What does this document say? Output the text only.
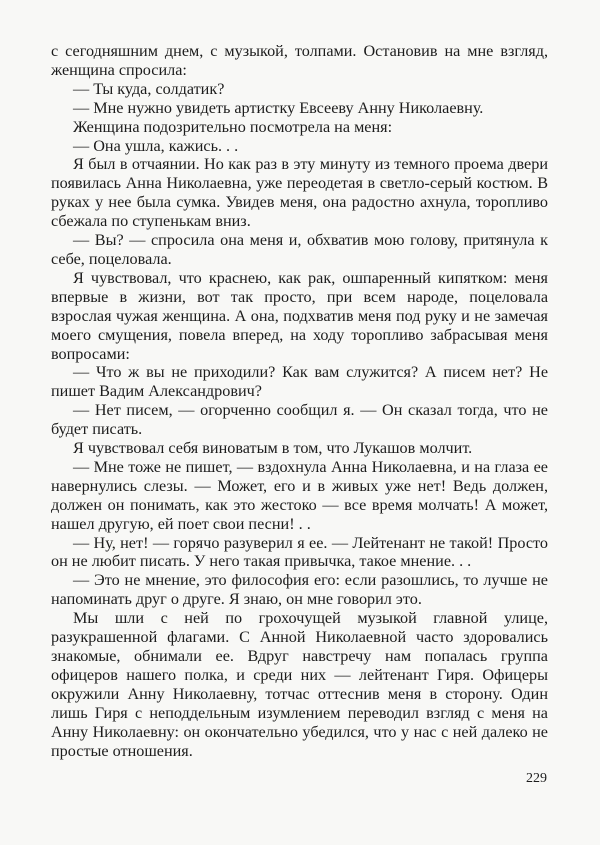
с сегодняшним днем, с музыкой, толпами. Остановив на мне взгляд, женщина спросила:

— Ты куда, солдатик?

— Мне нужно увидеть артистку Евсееву Анну Николаевну.

Женщина подозрительно посмотрела на меня:

— Она ушла, кажись. . .

Я был в отчаянии. Но как раз в эту минуту из темного проема двери появилась Анна Николаевна, уже переодетая в светло-серый костюм. В руках у нее была сумка. Увидев меня, она радостно ахнула, торопливо сбежала по ступенькам вниз.

— Вы? — спросила она меня и, обхватив мою голову, притянула к себе, поцеловала.

Я чувствовал, что краснею, как рак, ошпаренный кипятком: меня впервые в жизни, вот так просто, при всем народе, поцеловала взрослая чужая женщина. А она, подхватив меня под руку и не замечая моего смущения, повела вперед, на ходу торопливо забрасывая меня вопросами:

— Что ж вы не приходили? Как вам служится? А писем нет? Не пишет Вадим Александрович?

— Нет писем, — огорченно сообщил я. — Он сказал тогда, что не будет писать.

Я чувствовал себя виноватым в том, что Лукашов молчит.

— Мне тоже не пишет, — вздохнула Анна Николаевна, и на глаза ее навернулись слезы. — Может, его и в живых уже нет! Ведь должен, должен он понимать, как это жестоко — все время молчать! А может, нашел другую, ей поет свои песни! . .

— Ну, нет! — горячо разуверил я ее. — Лейтенант не такой! Просто он не любит писать. У него такая привычка, такое мнение. . .

— Это не мнение, это философия его: если разошлись, то лучше не напоминать друг о друге. Я знаю, он мне говорил это.

Мы шли с ней по грохочущей музыкой главной улице, разукрашенной флагами. С Анной Николаевной часто здоровались знакомые, обнимали ее. Вдруг навстречу нам попалась группа офицеров нашего полка, и среди них — лейтенант Гиря. Офицеры окружили Анну Николаевну, тотчас оттеснив меня в сторону. Один лишь Гиря с неподдельным изумлением переводил взгляд с меня на Анну Николаевну: он окончательно убедился, что у нас с ней далеко не простые отношения.

229
